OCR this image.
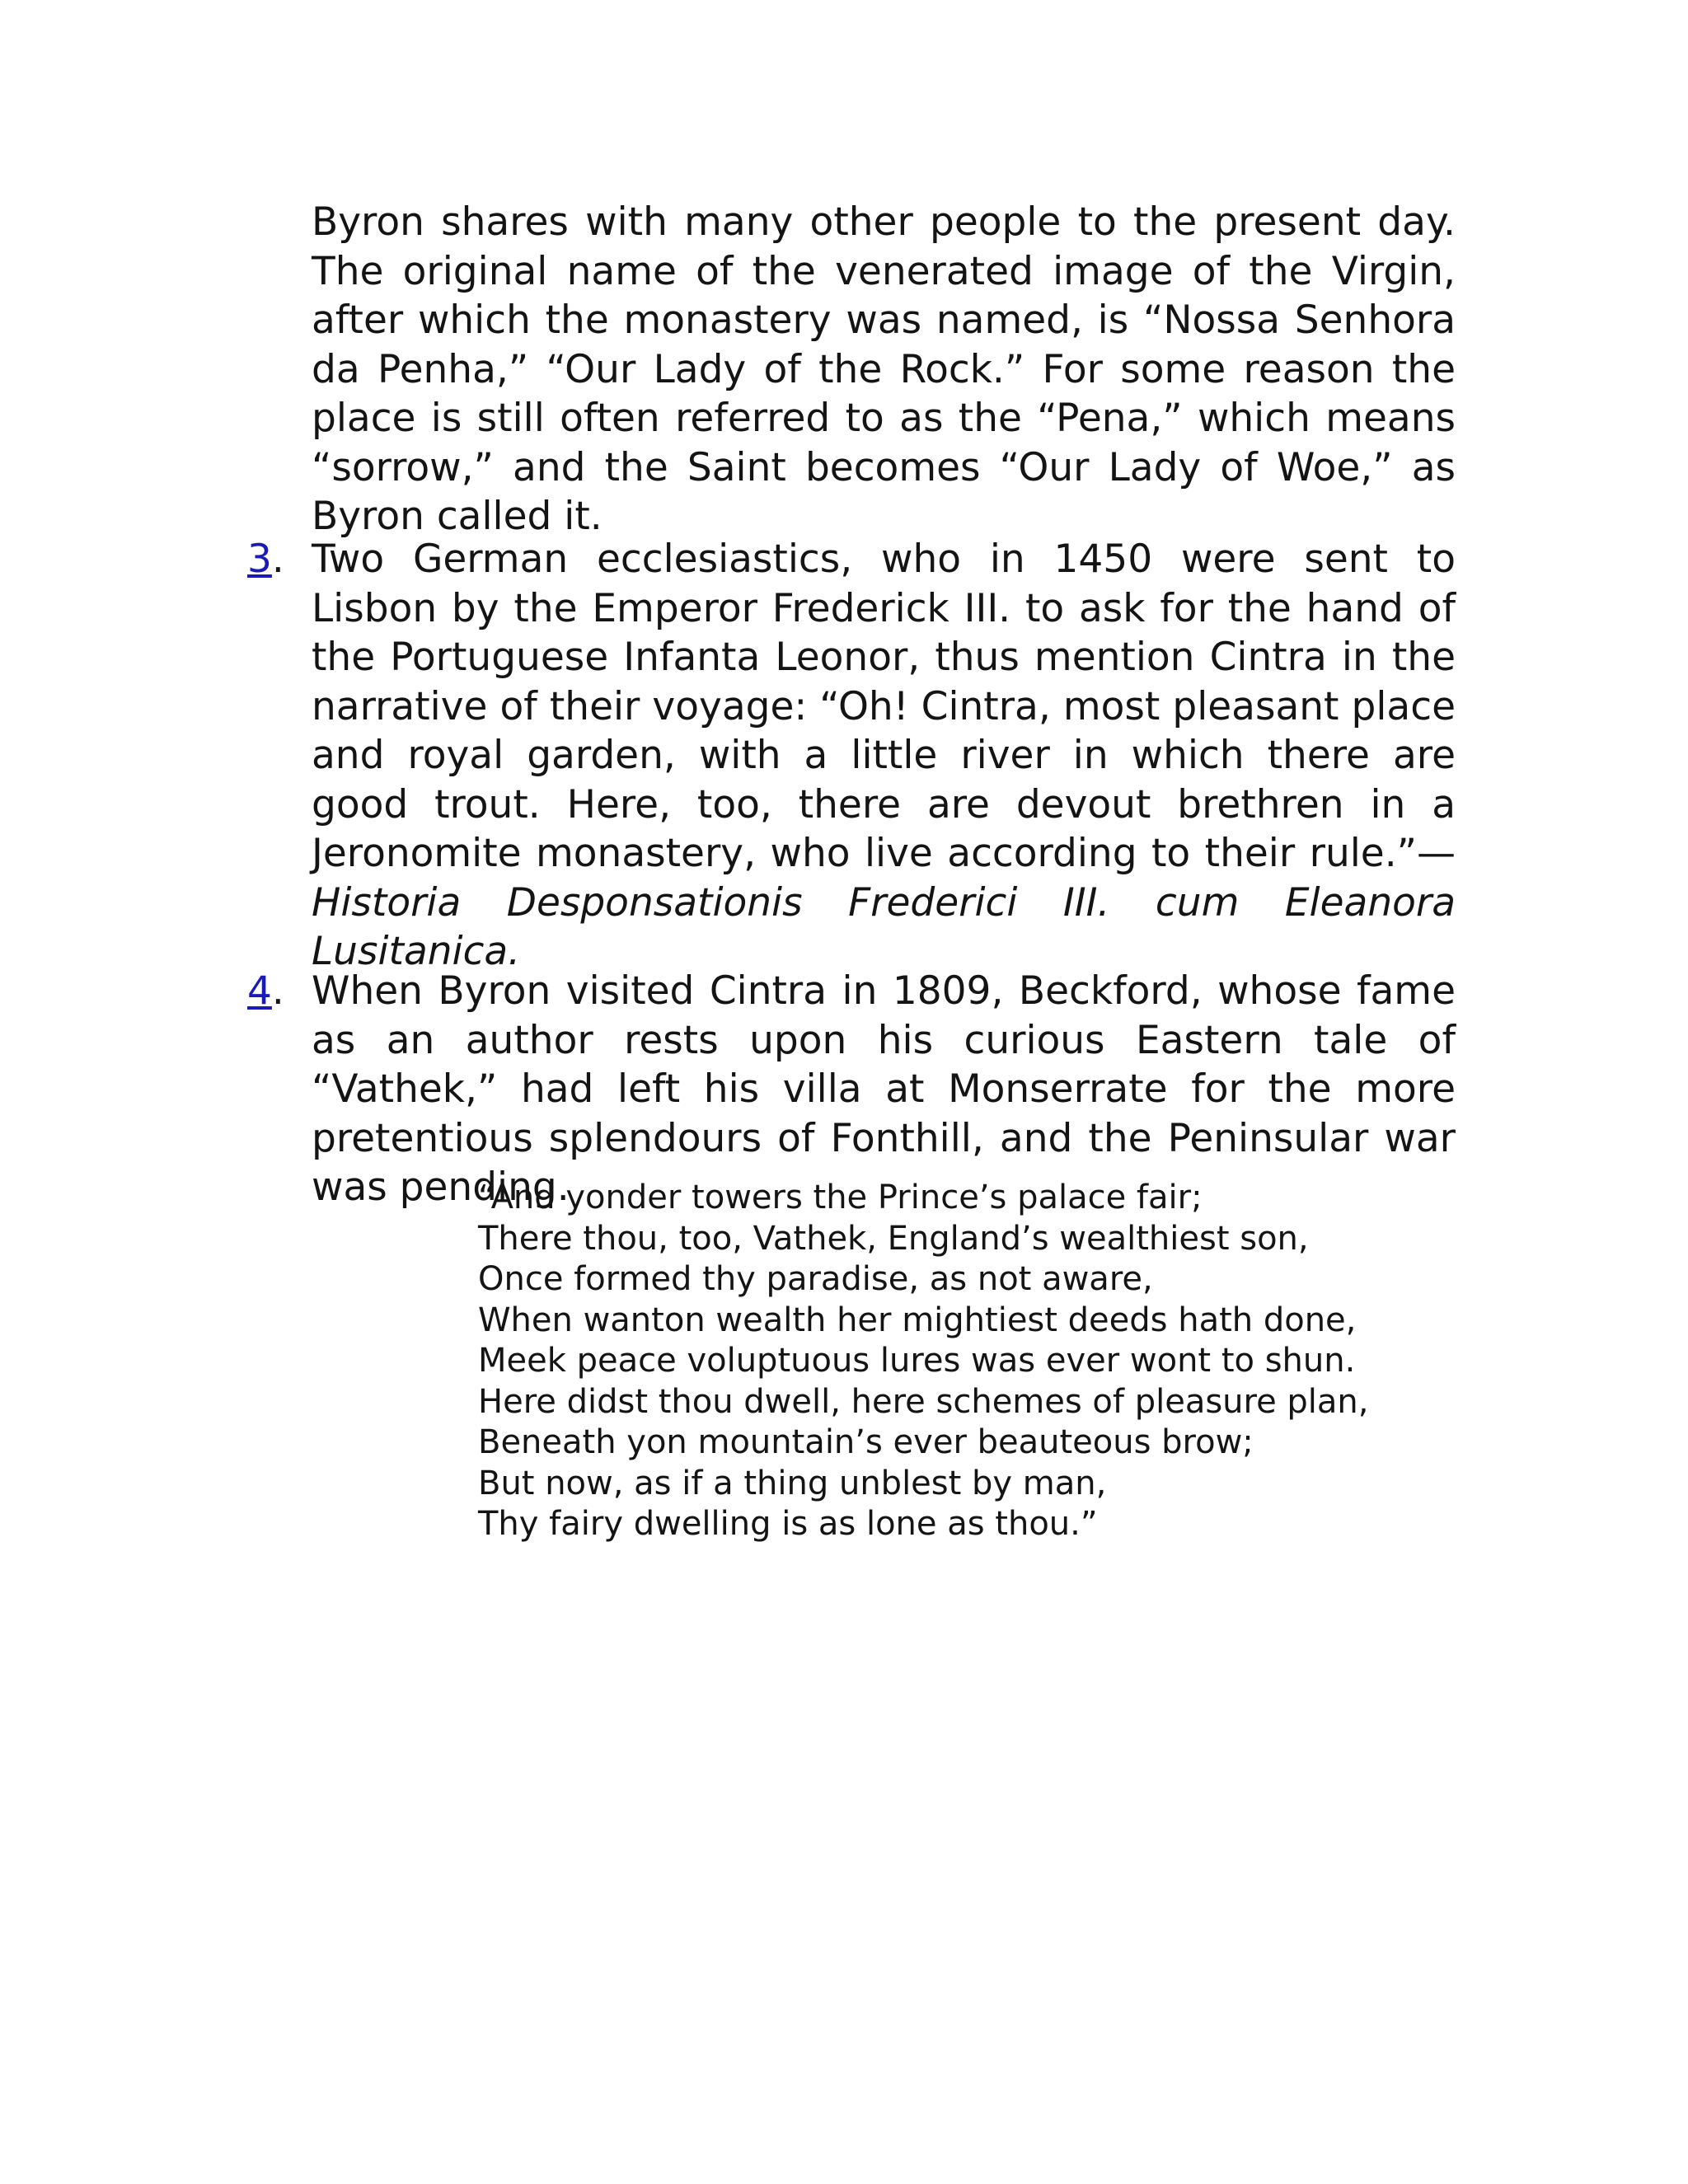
Byron shares with many other people to the present day. The original name of the venerated image of the Virgin, after which the monastery was named, is “Nossa Senhora da Penha,” “Our Lady of the Rock.” For some reason the place is still often referred to as the “Pena,” which means “sorrow,” and the Saint becomes “Our Lady of Woe,” as Byron called it.

3. Two German ecclesiastics, who in 1450 were sent to Lisbon by the Emperor Frederick III. to ask for the hand of the Portuguese Infanta Leonor, thus mention Cintra in the narrative of their voyage: “Oh! Cintra, most pleasant place and royal garden, with a little river in which there are good trout. Here, too, there are devout brethren in a Jeronomite monastery, who live according to their rule.”—Historia Desponsationis Frederici III. cum Eleanora Lusitanica.

4. When Byron visited Cintra in 1809, Beckford, whose fame as an author rests upon his curious Eastern tale of “Vathek,” had left his villa at Monserrate for the more pretentious splendours of Fonthill, and the Peninsular war was pending.

“And yonder towers the Prince’s palace fair;
There thou, too, Vathek, England’s wealthiest son,
Once formed thy paradise, as not aware,
When wanton wealth her mightiest deeds hath done,
Meek peace voluptuous lures was ever wont to shun.
Here didst thou dwell, here schemes of pleasure plan,
Beneath yon mountain’s ever beauteous brow;
But now, as if a thing unblest by man,
Thy fairy dwelling is as lone as thou.”
